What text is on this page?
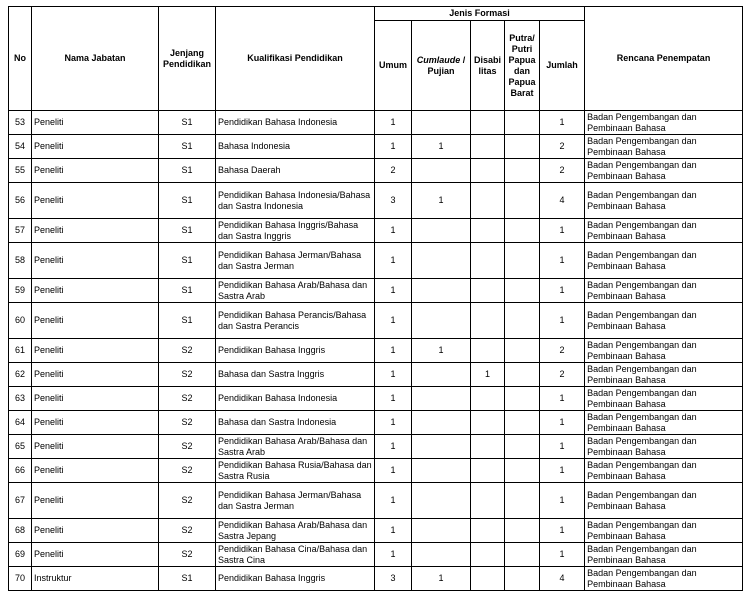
No	Nama Jabatan	Jenjang Pendidikan	Kualifikasi Pendidikan	Jenis Formasi					Rencana Penempatan
				Umum	Cumlaude / Pujian	Disabilitas	Putra/ Putri Papua dan Papua Barat	Jumlah	
53	Peneliti	S1	Pendidikan Bahasa Indonesia	1				1	Badan Pengembangan dan Pembinaan Bahasa
54	Peneliti	S1	Bahasa Indonesia	1	1			2	Badan Pengembangan dan Pembinaan Bahasa
55	Peneliti	S1	Bahasa Daerah	2				2	Badan Pengembangan dan Pembinaan Bahasa
56	Peneliti	S1	Pendidikan Bahasa Indonesia/Bahasa dan Sastra Indonesia	3	1			4	Badan Pengembangan dan Pembinaan Bahasa
57	Peneliti	S1	Pendidikan Bahasa Inggris/Bahasa dan Sastra Inggris	1				1	Badan Pengembangan dan Pembinaan Bahasa
58	Peneliti	S1	Pendidikan Bahasa Jerman/Bahasa dan Sastra Jerman	1				1	Badan Pengembangan dan Pembinaan Bahasa
59	Peneliti	S1	Pendidikan Bahasa Arab/Bahasa dan Sastra Arab	1				1	Badan Pengembangan dan Pembinaan Bahasa
60	Peneliti	S1	Pendidikan Bahasa Perancis/Bahasa dan Sastra Perancis	1				1	Badan Pengembangan dan Pembinaan Bahasa
61	Peneliti	S2	Pendidikan Bahasa Inggris	1	1			2	Badan Pengembangan dan Pembinaan Bahasa
62	Peneliti	S2	Bahasa dan Sastra Inggris	1		1		2	Badan Pengembangan dan Pembinaan Bahasa
63	Peneliti	S2	Pendidikan Bahasa Indonesia	1				1	Badan Pengembangan dan Pembinaan Bahasa
64	Peneliti	S2	Bahasa dan Sastra Indonesia	1				1	Badan Pengembangan dan Pembinaan Bahasa
65	Peneliti	S2	Pendidikan Bahasa Arab/Bahasa dan Sastra Arab	1				1	Badan Pengembangan dan Pembinaan Bahasa
66	Peneliti	S2	Pendidikan Bahasa Rusia/Bahasa dan Sastra Rusia	1				1	Badan Pengembangan dan Pembinaan Bahasa
67	Peneliti	S2	Pendidikan Bahasa Jerman/Bahasa dan Sastra Jerman	1				1	Badan Pengembangan dan Pembinaan Bahasa
68	Peneliti	S2	Pendidikan Bahasa Arab/Bahasa dan Sastra Jepang	1				1	Badan Pengembangan dan Pembinaan Bahasa
69	Peneliti	S2	Pendidikan Bahasa Cina/Bahasa dan Sastra Cina	1				1	Badan Pengembangan dan Pembinaan Bahasa
70	Instruktur	S1	Pendidikan Bahasa Inggris	3	1			4	Badan Pengembangan dan Pembinaan Bahasa
